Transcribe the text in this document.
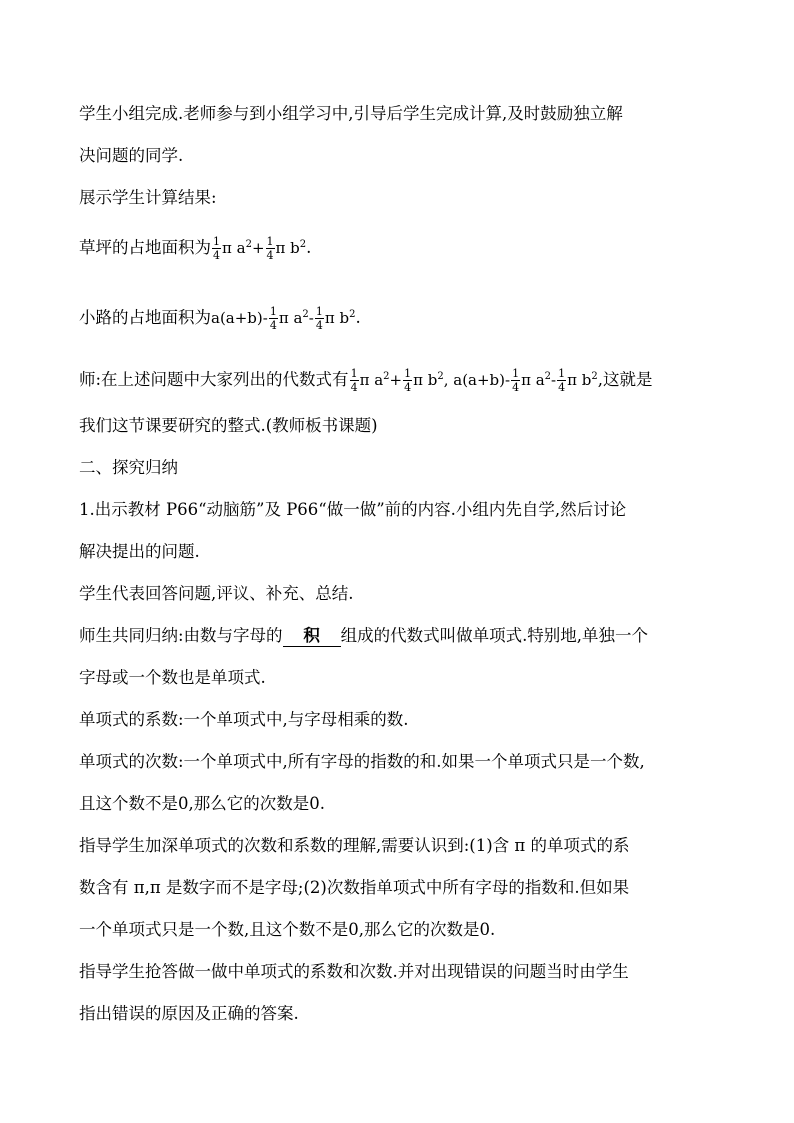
学生小组完成.老师参与到小组学习中,引导后学生完成计算,及时鼓励独立解
决问题的同学.
展示学生计算结果:
草坪的占地面积为 $\frac{1}{4}$ π $a^2+ \frac{1}{4}$ π $b^2$.
小路的占地面积为$a(a+b)- \frac{1}{4}$ π $a^2- \frac{1}{4}$ π $b^2$.
师:在上述问题中大家列出的代数式有 $\frac{1}{4}$ π $a^2+ \frac{1}{4}$ π $b^2$, $a(a+b)- \frac{1}{4}$ π $a^2- \frac{1}{4}$ π $b^2$,这就是
我们这节课要研究的整式.(教师板书课题)
二、探究归纳
1.出示教材 P66“动脑筋”及 P66“做一做”前的内容.小组内先自学,然后讨论
解决提出的问题.
学生代表回答问题,评议、补充、总结.
师生共同归纳:由数与字母的 积 组成的代数式叫做单项式.特别地,单独一个
字母或一个数也是单项式.
单项式的系数:一个单项式中,与字母相乘的数.
单项式的次数:一个单项式中,所有字母的指数的和.如果一个单项式只是一个数,
且这个数不是0,那么它的次数是0.
指导学生加深单项式的次数和系数的理解,需要认识到:(1)含 π 的单项式的系
数含有 π,π 是数字而不是字母;(2)次数指单项式中所有字母的指数和.但如果
一个单项式只是一个数,且这个数不是0,那么它的次数是0.
指导学生抢答做一做中单项式的系数和次数.并对出现错误的问题当时由学生
指出错误的原因及正确的答案.
